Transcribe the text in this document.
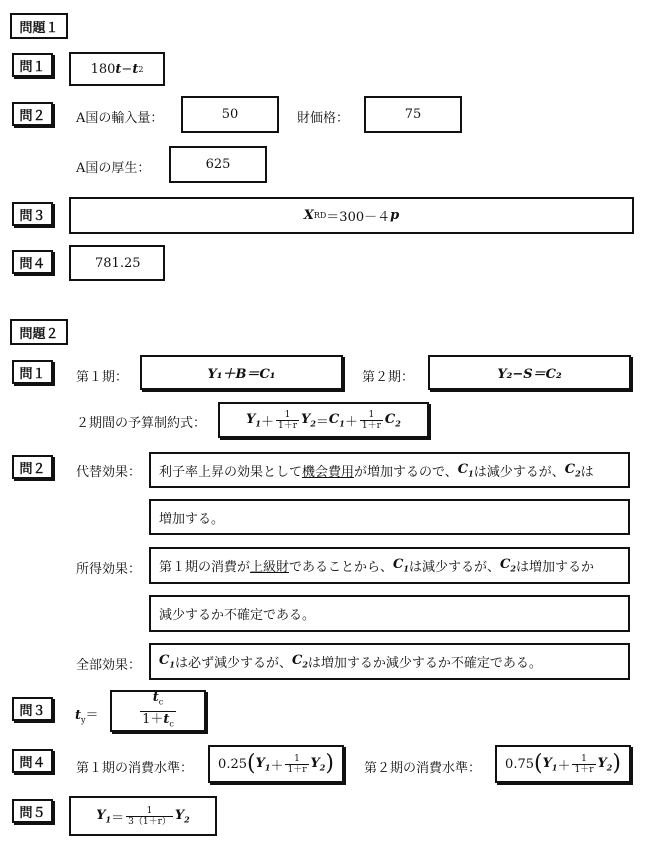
問題１
問１	180 t − t 2
問２	A国の輸入量：	50	財価格：	75
A国の厚生：	625
問３	X RD ＝300－４ p
問４	781.25
問題２
問１	第１期：	Y₁＋B＝C₁	第２期：	Y₂−S＝C₂
２期間の予算制約式：	$Y_1 + \frac{1}{1+r} Y_2 = C_1 + \frac{1}{1+r} C_2$
問２	代替効果： 利子率上昇の効果として 機会費用 が増加するので、 $C_1$ は減少するが、 $C_2$ は
増加する。
所得効果： 第１期の消費が 上級財 であることから、 $C_1$ は減少するが、 $C_2$ は増加するか
減少するか不確定である。
全部効果： $C_1$ は必ず減少するが、 $C_2$ は増加するか減少するか不確定である。
問３	$t_y=$	$\frac{t_c}{1+t_c}$
問４	第１期の消費水準： 0.25 ( $Y_1 + \frac{1}{1+r} Y_2$ ) 第２期の消費水準： 0.75 ( $Y_1 + \frac{1}{1+r} Y_2$ )
問５	$Y_1 = \frac{1}{3(1+r)} Y_2$
